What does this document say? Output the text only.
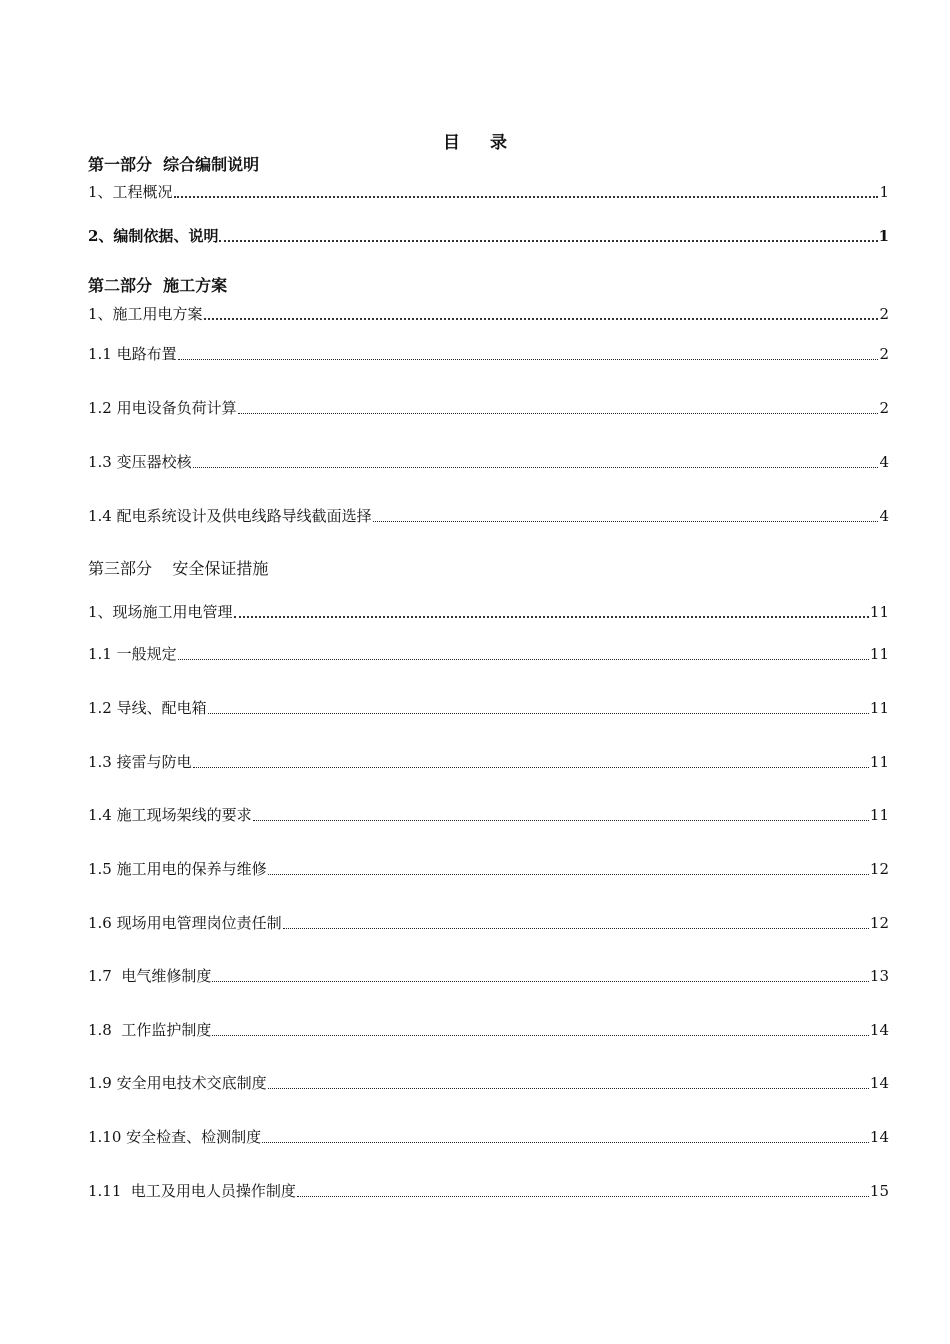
目 录
第一部分  综合编制说明
1、工程概况	1
2、编制依据、说明	1
第二部分  施工方案
1、施工用电方案	2
1.1 电路布置	2
1.2 用电设备负荷计算	2
1.3 变压器校核	4
1.4 配电系统设计及供电线路导线截面选择	4
第三部分    安全保证措施
1、现场施工用电管理	11
1.1 一般规定	11
1.2 导线、配电箱	11
1.3 接雷与防电	11
1.4 施工现场架线的要求	11
1.5 施工用电的保养与维修	12
1.6 现场用电管理岗位责任制	12
1.7  电气维修制度	13
1.8  工作监护制度	14
1.9 安全用电技术交底制度	14
1.10 安全检查、检测制度	14
1.11  电工及用电人员操作制度	15
